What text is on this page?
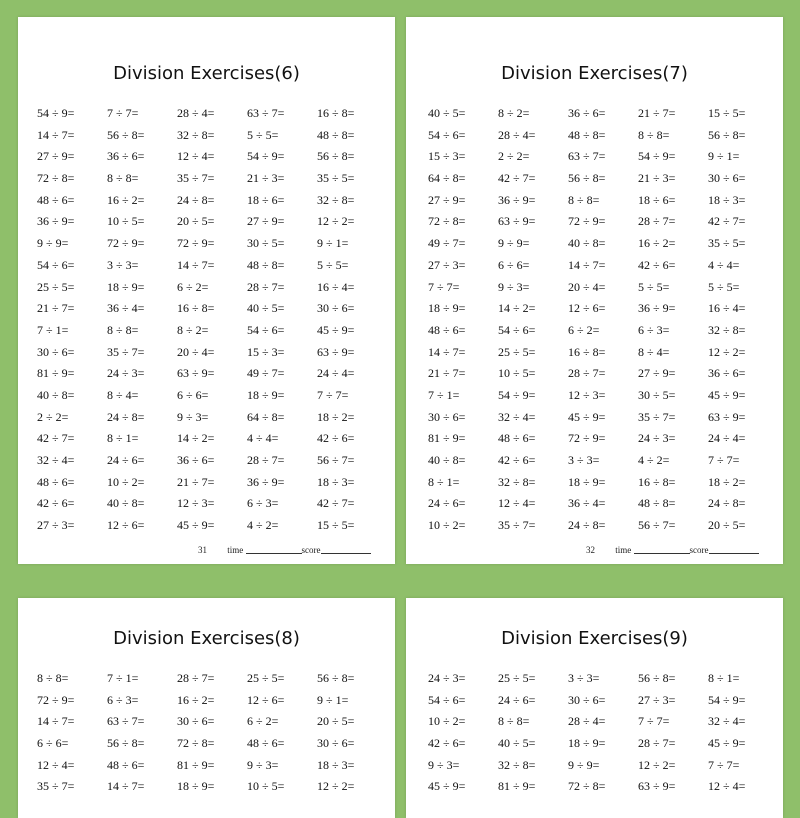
Division Exercises(6)
54 ÷ 9=	7 ÷ 7=	28 ÷ 4=	63 ÷ 7=	16 ÷ 8=
14 ÷ 7=	56 ÷ 8=	32 ÷ 8=	5 ÷ 5=	48 ÷ 8=
27 ÷ 9=	36 ÷ 6=	12 ÷ 4=	54 ÷ 9=	56 ÷ 8=
72 ÷ 8=	8 ÷ 8=	35 ÷ 7=	21 ÷ 3=	35 ÷ 5=
48 ÷ 6=	16 ÷ 2=	24 ÷ 8=	18 ÷ 6=	32 ÷ 8=
36 ÷ 9=	10 ÷ 5=	20 ÷ 5=	27 ÷ 9=	12 ÷ 2=
9 ÷ 9=	72 ÷ 9=	72 ÷ 9=	30 ÷ 5=	9 ÷ 1=
54 ÷ 6=	3 ÷ 3=	14 ÷ 7=	48 ÷ 8=	5 ÷ 5=
25 ÷ 5=	18 ÷ 9=	6 ÷ 2=	28 ÷ 7=	16 ÷ 4=
21 ÷ 7=	36 ÷ 4=	16 ÷ 8=	40 ÷ 5=	30 ÷ 6=
7 ÷ 1=	8 ÷ 8=	8 ÷ 2=	54 ÷ 6=	45 ÷ 9=
30 ÷ 6=	35 ÷ 7=	20 ÷ 4=	15 ÷ 3=	63 ÷ 9=
81 ÷ 9=	24 ÷ 3=	63 ÷ 9=	49 ÷ 7=	24 ÷ 4=
40 ÷ 8=	8 ÷ 4=	6 ÷ 6=	18 ÷ 9=	7 ÷ 7=
2 ÷ 2=	24 ÷ 8=	9 ÷ 3=	64 ÷ 8=	18 ÷ 2=
42 ÷ 7=	8 ÷ 1=	14 ÷ 2=	4 ÷ 4=	42 ÷ 6=
32 ÷ 4=	24 ÷ 6=	36 ÷ 6=	28 ÷ 7=	56 ÷ 7=
48 ÷ 6=	10 ÷ 2=	21 ÷ 7=	36 ÷ 9=	18 ÷ 3=
42 ÷ 6=	40 ÷ 8=	12 ÷ 3=	6 ÷ 3=	42 ÷ 7=
27 ÷ 3=	12 ÷ 6=	45 ÷ 9=	4 ÷ 2=	15 ÷ 5=
31 time	score
Division Exercises(7)
40 ÷ 5=	8 ÷ 2=	36 ÷ 6=	21 ÷ 7=	15 ÷ 5=
54 ÷ 6=	28 ÷ 4=	48 ÷ 8=	8 ÷ 8=	56 ÷ 8=
15 ÷ 3=	2 ÷ 2=	63 ÷ 7=	54 ÷ 9=	9 ÷ 1=
64 ÷ 8=	42 ÷ 7=	56 ÷ 8=	21 ÷ 3=	30 ÷ 6=
27 ÷ 9=	36 ÷ 9=	8 ÷ 8=	18 ÷ 6=	18 ÷ 3=
72 ÷ 8=	63 ÷ 9=	72 ÷ 9=	28 ÷ 7=	42 ÷ 7=
49 ÷ 7=	9 ÷ 9=	40 ÷ 8=	16 ÷ 2=	35 ÷ 5=
27 ÷ 3=	6 ÷ 6=	14 ÷ 7=	42 ÷ 6=	4 ÷ 4=
7 ÷ 7=	9 ÷ 3=	20 ÷ 4=	5 ÷ 5=	5 ÷ 5=
18 ÷ 9=	14 ÷ 2=	12 ÷ 6=	36 ÷ 9=	16 ÷ 4=
48 ÷ 6=	54 ÷ 6=	6 ÷ 2=	6 ÷ 3=	32 ÷ 8=
14 ÷ 7=	25 ÷ 5=	16 ÷ 8=	8 ÷ 4=	12 ÷ 2=
21 ÷ 7=	10 ÷ 5=	28 ÷ 7=	27 ÷ 9=	36 ÷ 6=
7 ÷ 1=	54 ÷ 9=	12 ÷ 3=	30 ÷ 5=	45 ÷ 9=
30 ÷ 6=	32 ÷ 4=	45 ÷ 9=	35 ÷ 7=	63 ÷ 9=
81 ÷ 9=	48 ÷ 6=	72 ÷ 9=	24 ÷ 3=	24 ÷ 4=
40 ÷ 8=	42 ÷ 6=	3 ÷ 3=	4 ÷ 2=	7 ÷ 7=
8 ÷ 1=	32 ÷ 8=	18 ÷ 9=	16 ÷ 8=	18 ÷ 2=
24 ÷ 6=	12 ÷ 4=	36 ÷ 4=	48 ÷ 8=	24 ÷ 8=
10 ÷ 2=	35 ÷ 7=	24 ÷ 8=	56 ÷ 7=	20 ÷ 5=
32 time	score
Division Exercises(8)
8 ÷ 8=	7 ÷ 1=	28 ÷ 7=	25 ÷ 5=	56 ÷ 8=
72 ÷ 9=	6 ÷ 3=	16 ÷ 2=	12 ÷ 6=	9 ÷ 1=
14 ÷ 7=	63 ÷ 7=	30 ÷ 6=	6 ÷ 2=	20 ÷ 5=
6 ÷ 6=	56 ÷ 8=	72 ÷ 8=	48 ÷ 6=	30 ÷ 6=
12 ÷ 4=	48 ÷ 6=	81 ÷ 9=	9 ÷ 3=	18 ÷ 3=
35 ÷ 7=	14 ÷ 7=	18 ÷ 9=	10 ÷ 5=	12 ÷ 2=
Division Exercises(9)
24 ÷ 3=	25 ÷ 5=	3 ÷ 3=	56 ÷ 8=	8 ÷ 1=
54 ÷ 6=	24 ÷ 6=	30 ÷ 6=	27 ÷ 3=	54 ÷ 9=
10 ÷ 2=	8 ÷ 8=	28 ÷ 4=	7 ÷ 7=	32 ÷ 4=
42 ÷ 6=	40 ÷ 5=	18 ÷ 9=	28 ÷ 7=	45 ÷ 9=
9 ÷ 3=	32 ÷ 8=	9 ÷ 9=	12 ÷ 2=	7 ÷ 7=
45 ÷ 9=	81 ÷ 9=	72 ÷ 8=	63 ÷ 9=	12 ÷ 4=
